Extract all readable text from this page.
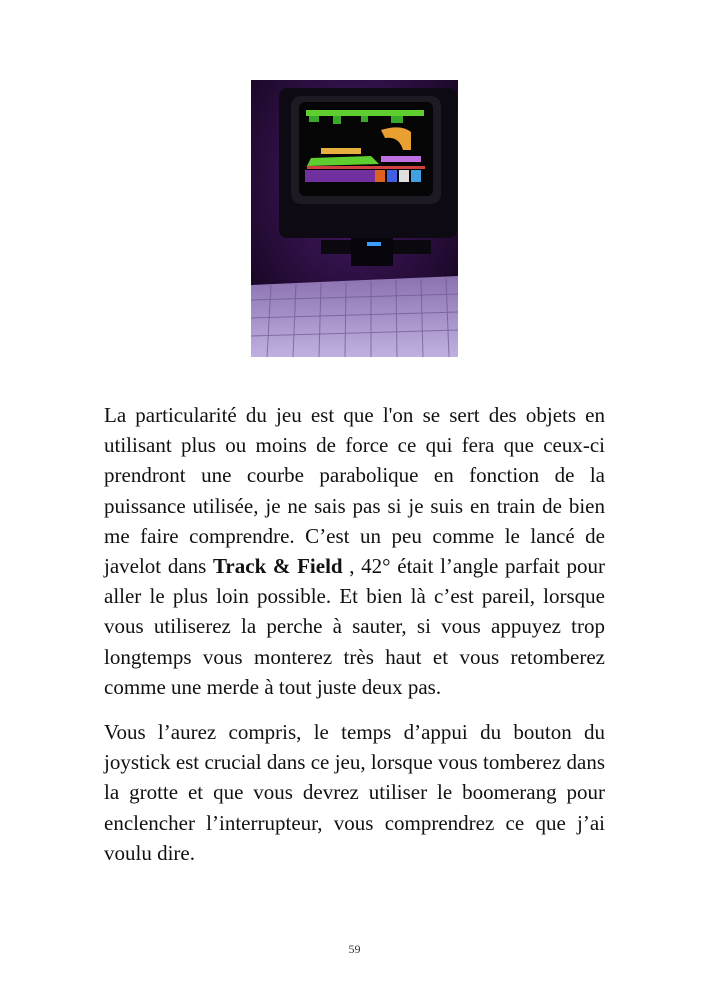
La particularité du jeu est que l'on se sert des objets en utilisant plus ou moins de force ce qui fera que ceux-ci prendront une courbe parabolique en fonction de la puissance utilisée, je ne sais pas si je suis en train de bien me faire comprendre. C’est un peu comme le lancé de javelot dans Track & Field , 42° était l’angle parfait pour aller le plus loin possible. Et bien là c’est pareil, lorsque vous utiliserez la perche à sauter, si vous appuyez trop longtemps vous monterez très haut et vous retomberez comme une merde à tout juste deux pas.

Vous l’aurez compris, le temps d’appui du bouton du joystick est crucial dans ce jeu, lorsque vous tomberez dans la grotte et que vous devrez utiliser le boomerang pour enclencher l’interrupteur, vous comprendrez ce que j’ai voulu dire.

59
